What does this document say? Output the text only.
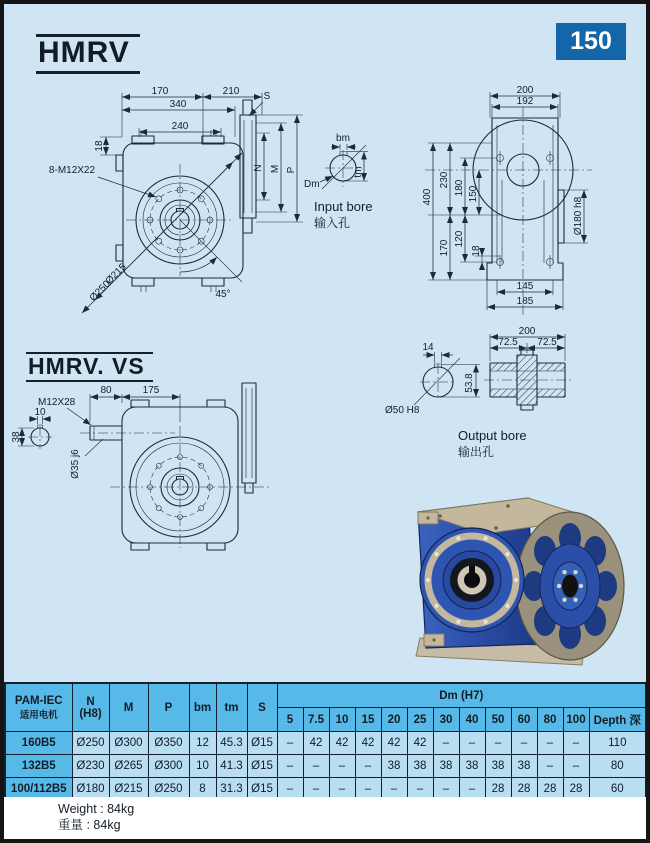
HMRV	150
Ø215
Ø250	45°
170	210
340
240
18
8-M12X22
S
N M P
bm
tm
Dm
Input bore
输入孔
200
192
400
230 180 150
170
120
18
Ø180 h8
145
185
14
Ø50 H8
53.8
200
72.5 72.5
Output bore
输出孔
HMRV. VS
M12X28
80	175
10
38
Ø35 j6
PAM-IEC
适用电机

N
(H8)	M	P	bm	tm	S	Dm (H7)
							5	7.5	10	15	20	25	30	40	50	60	80	100	Depth 深
160B5	Ø250	Ø300	Ø350	12	45.3	Ø15	–	42	42	42	42	42	–	–	–	–	–	–	110
132B5	Ø230	Ø265	Ø300	10	41.3	Ø15	–	–	–	–	38	38	38	38	38	38	–	–	80
100/112B5	Ø180	Ø215	Ø250	8	31.3	Ø15	–	–	–	–	–	–	–	–	28	28	28	28	60
Weight : 84kg
重量 : 84kg
